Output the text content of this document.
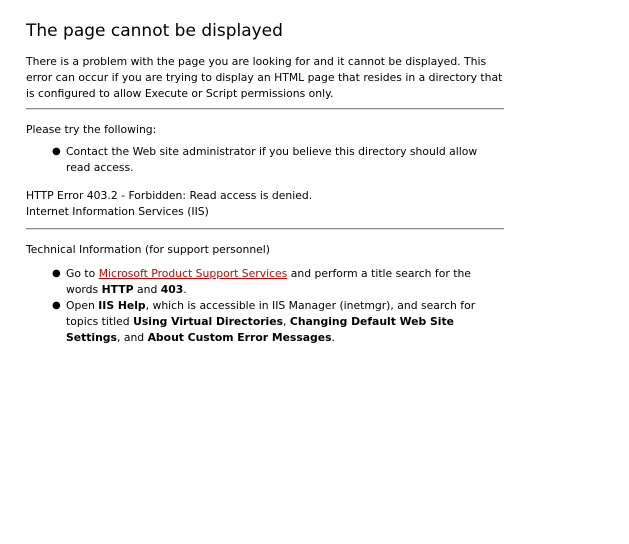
The page cannot be displayed

There is a problem with the page you are looking for and it cannot be displayed. This error can occur if you are trying to display an HTML page that resides in a directory that is configured to allow Execute or Script permissions only.

Please try the following:

● Contact the Web site administrator if you believe this directory should allow read access.

HTTP Error 403.2 - Forbidden: Read access is denied.

Internet Information Services (IIS)

Technical Information (for support personnel)

● Go to Microsoft Product Support Services and perform a title search for the words HTTP and 403.
● Open IIS Help, which is accessible in IIS Manager (inetmgr), and search for topics titled Using Virtual Directories, Changing Default Web Site Settings, and About Custom Error Messages.
